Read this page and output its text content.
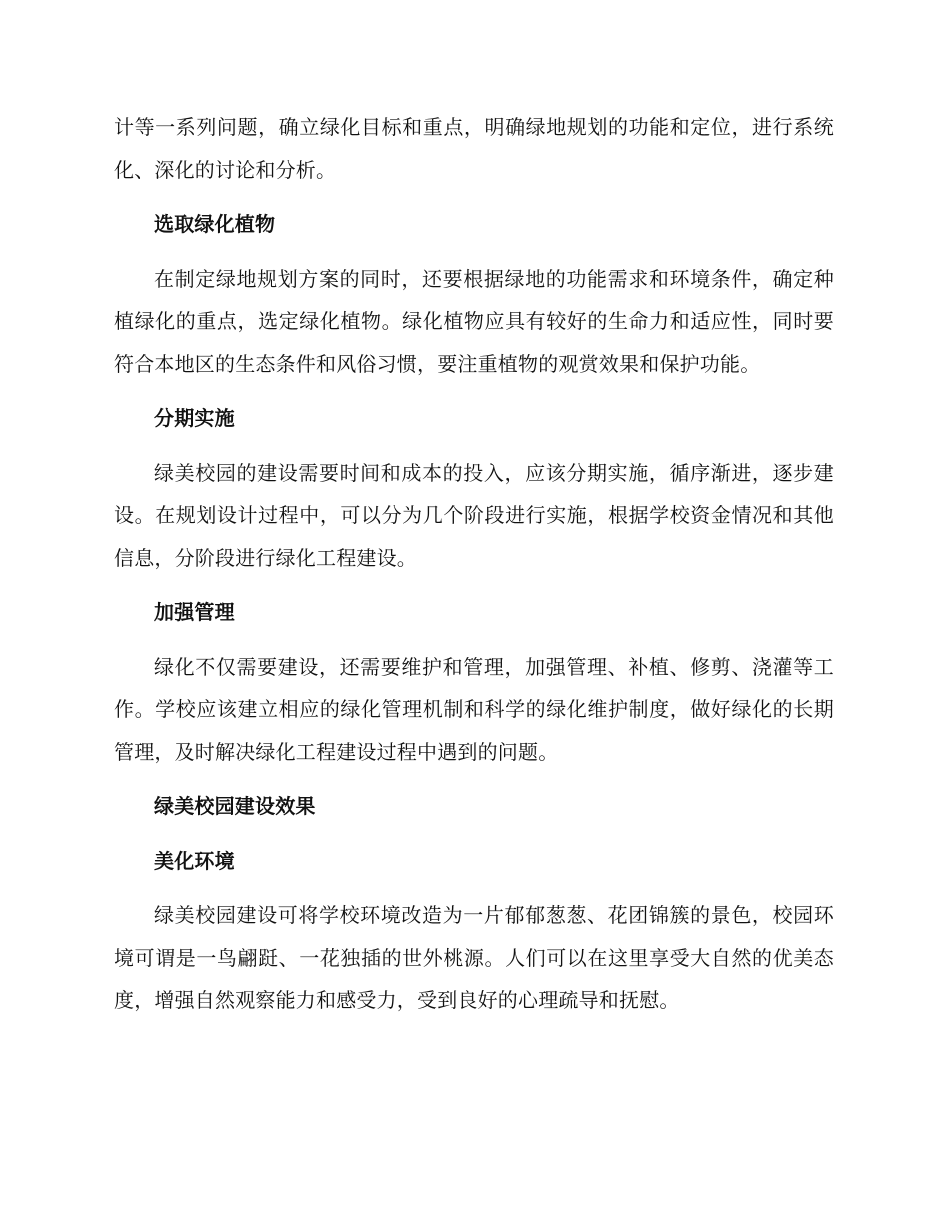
计等一系列问题，确立绿化目标和重点，明确绿地规划的功能和定位，进行系统化、深化的讨论和分析。

选取绿化植物

在制定绿地规划方案的同时，还要根据绿地的功能需求和环境条件，确定种植绿化的重点，选定绿化植物。绿化植物应具有较好的生命力和适应性，同时要符合本地区的生态条件和风俗习惯，要注重植物的观赏效果和保护功能。

分期实施

绿美校园的建设需要时间和成本的投入，应该分期实施，循序渐进，逐步建设。在规划设计过程中，可以分为几个阶段进行实施，根据学校资金情况和其他信息，分阶段进行绿化工程建设。

加强管理

绿化不仅需要建设，还需要维护和管理，加强管理、补植、修剪、浇灌等工作。学校应该建立相应的绿化管理机制和科学的绿化维护制度，做好绿化的长期管理，及时解决绿化工程建设过程中遇到的问题。

绿美校园建设效果

美化环境

绿美校园建设可将学校环境改造为一片郁郁葱葱、花团锦簇的景色，校园环境可谓是一鸟翩跹、一花独插的世外桃源。人们可以在这里享受大自然的优美态度，增强自然观察能力和感受力，受到良好的心理疏导和抚慰。
